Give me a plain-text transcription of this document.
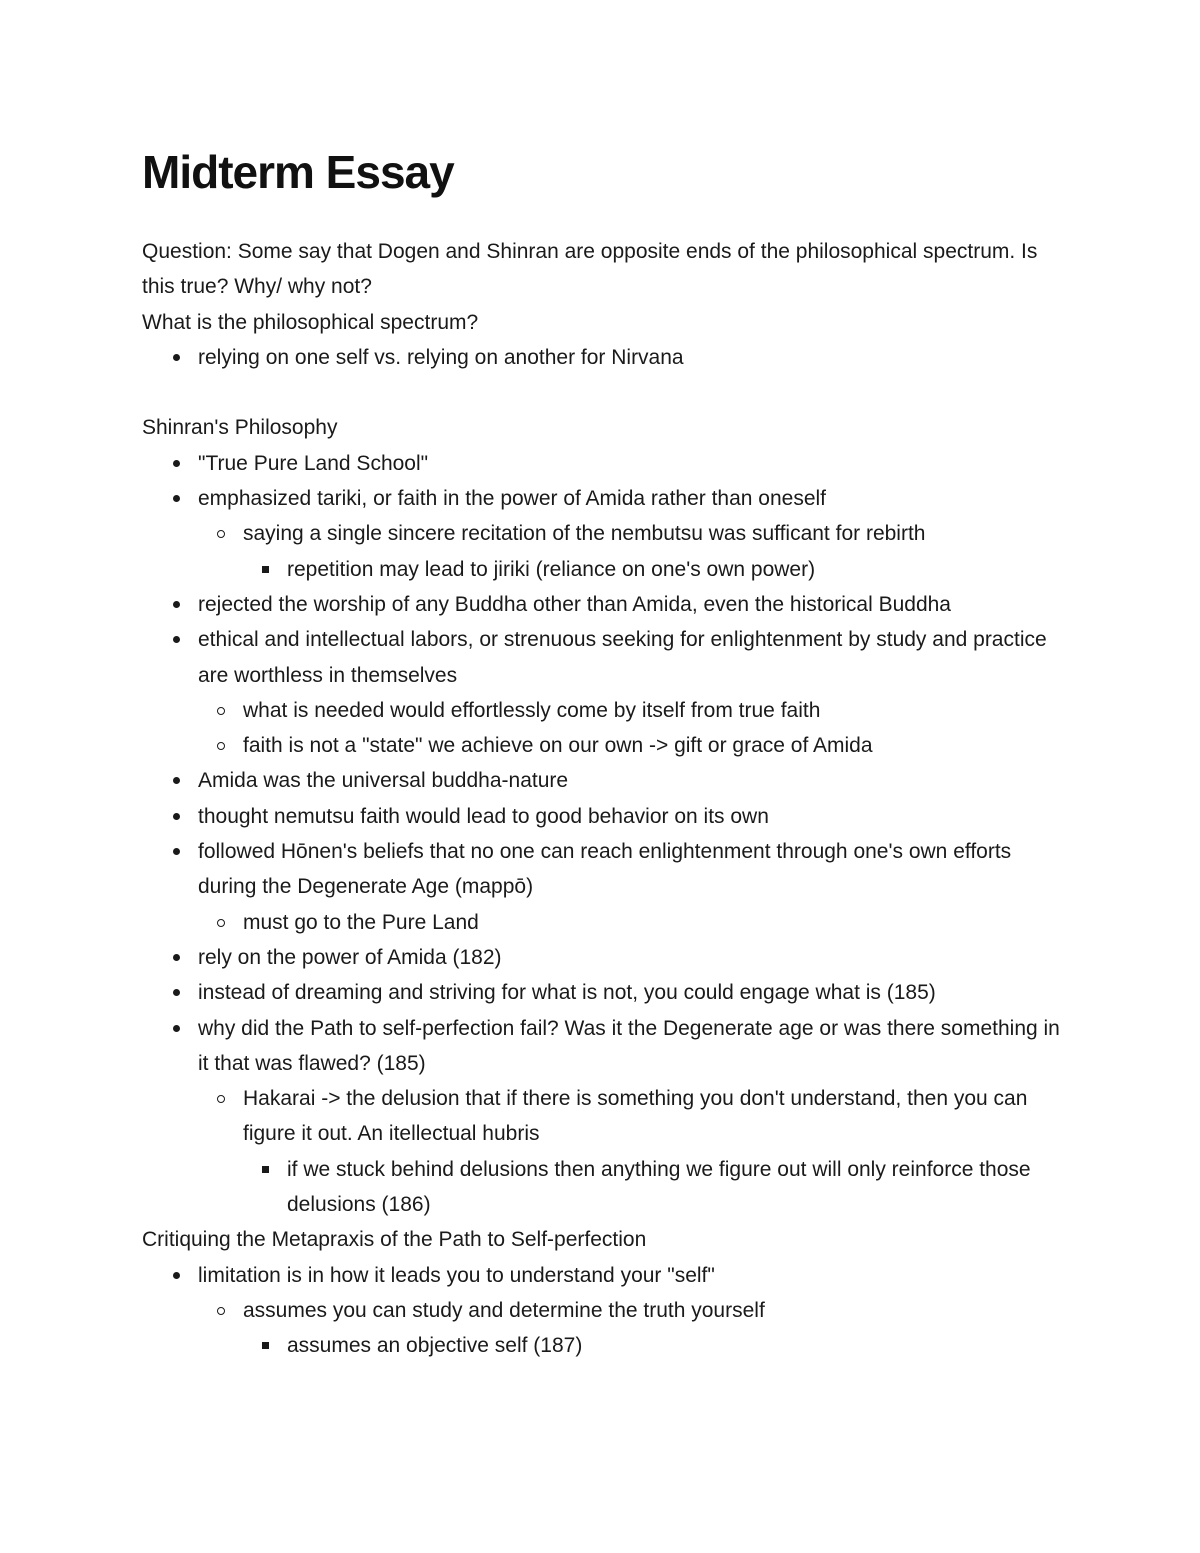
Midterm Essay

Question: Some say that Dogen and Shinran are opposite ends of the philosophical spectrum. Is this true? Why/ why not?

What is the philosophical spectrum?

relying on one self vs. relying on another for Nirvana

Shinran's Philosophy

"True Pure Land School"
emphasized tariki, or faith in the power of Amida rather than oneself
saying a single sincere recitation of the nembutsu was sufficant for rebirth
repetition may lead to jiriki (reliance on one's own power)
rejected the worship of any Buddha other than Amida, even the historical Buddha
ethical and intellectual labors, or strenuous seeking for enlightenment by study and practice are worthless in themselves
what is needed would effortlessly come by itself from true faith
faith is not a "state" we achieve on our own -> gift or grace of Amida
Amida was the universal buddha-nature
thought nemutsu faith would lead to good behavior on its own
followed Hōnen's beliefs that no one can reach enlightenment through one's own efforts during the Degenerate Age (mappō)
must go to the Pure Land
rely on the power of Amida (182)
instead of dreaming and striving for what is not, you could engage what is (185)
why did the Path to self-perfection fail? Was it the Degenerate age or was there something in it that was flawed? (185)
Hakarai -> the delusion that if there is something you don't understand, then you can figure it out. An itellectual hubris
if we stuck behind delusions then anything we figure out will only reinforce those delusions (186)

Critiquing the Metapraxis of the Path to Self-perfection

limitation is in how it leads you to understand your "self"
assumes you can study and determine the truth yourself
assumes an objective self (187)
